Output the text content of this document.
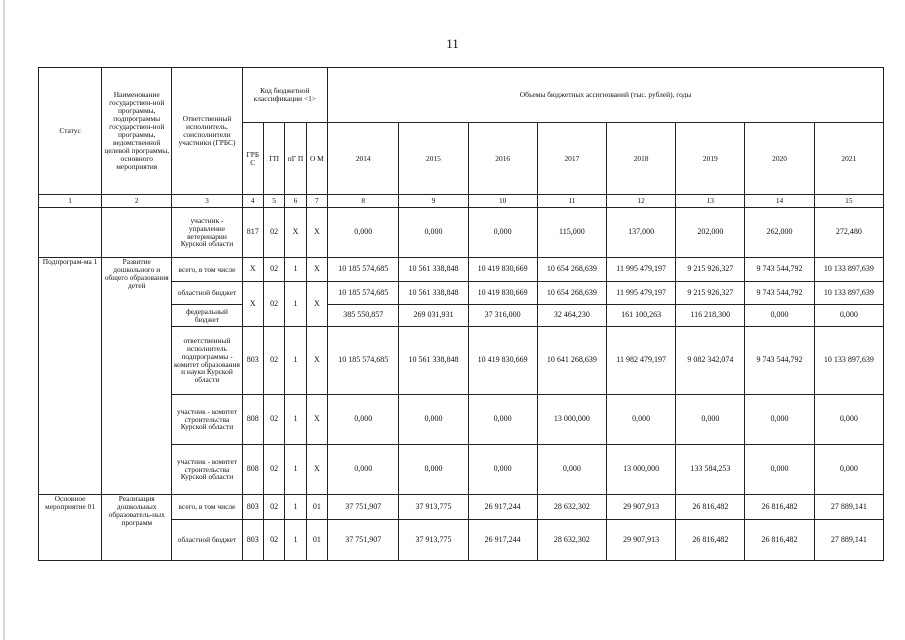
11
Статус	Наименование государствен-ной программы, подпрограммы государствен-ной программы, ведомственной целевой программы, основного мероприятия	Ответственный исполнитель, соисполнители участники (ГРБС)	Код бюджетной классификации <1>				Объемы бюджетных ассигнований (тыс. рублей), годы							
			ГРБ С	ГП	пГ П	О М	2014	2015	2016	2017	2018	2019	2020	2021
1	2	3	4	5	6	7	8	9	10	11	12	13	14	15
		участник - управление ветеринарии Курской области	817	02	X	X	0,000	0,000	0,000	115,000	137,000	202,000	262,000	272,480
Подпрограм-ма 1	Развитие дошкольного и общего образования детей	всего, в том числе	X	02	1	X	10 185 574,685	10 561 338,848	10 419 830,669	10 654 268,639	11 995 479,197	9 215 926,327	9 743 544,792	10 133 897,639
		областной бюджет	X	02	1	X	10 185 574,685	10 561 338,848	10 419 830,669	10 654 268,639	11 995 479,197	9 215 926,327	9 743 544,792	10 133 897,639
		федеральный бюджет					385 550,857	269 031,931	37 316,000	32 464,230	161 100,263	116 218,300	0,000	0,000
		ответственный исполнитель подпрограммы - комитет образования и науки Курской области	803	02	1	X	10 185 574,685	10 561 338,848	10 419 830,669	10 641 268,639	11 982 479,197	9 082 342,074	9 743 544,792	10 133 897,639
		участник - комитет строительства Курской области	808	02	1	X	0,000	0,000	0,000	13 000,000	0,000	0,000	0,000	0,000
		участник - комитет строительства Курской области	808	02	1	X	0,000	0,000	0,000	0,000	13 000,000	133 584,253	0,000	0,000
Основное мероприятие 01	Реализация дошкольных образователь-ных программ	всего, в том числе	803	02	1	01	37 751,907	37 913,775	26 917,244	28 632,302	29 907,913	26 816,482	26 816,482	27 889,141
		областной бюджет	803	02	1	01	37 751,907	37 913,775	26 917,244	28 632,302	29 907,913	26 816,482	26 816,482	27 889,141
